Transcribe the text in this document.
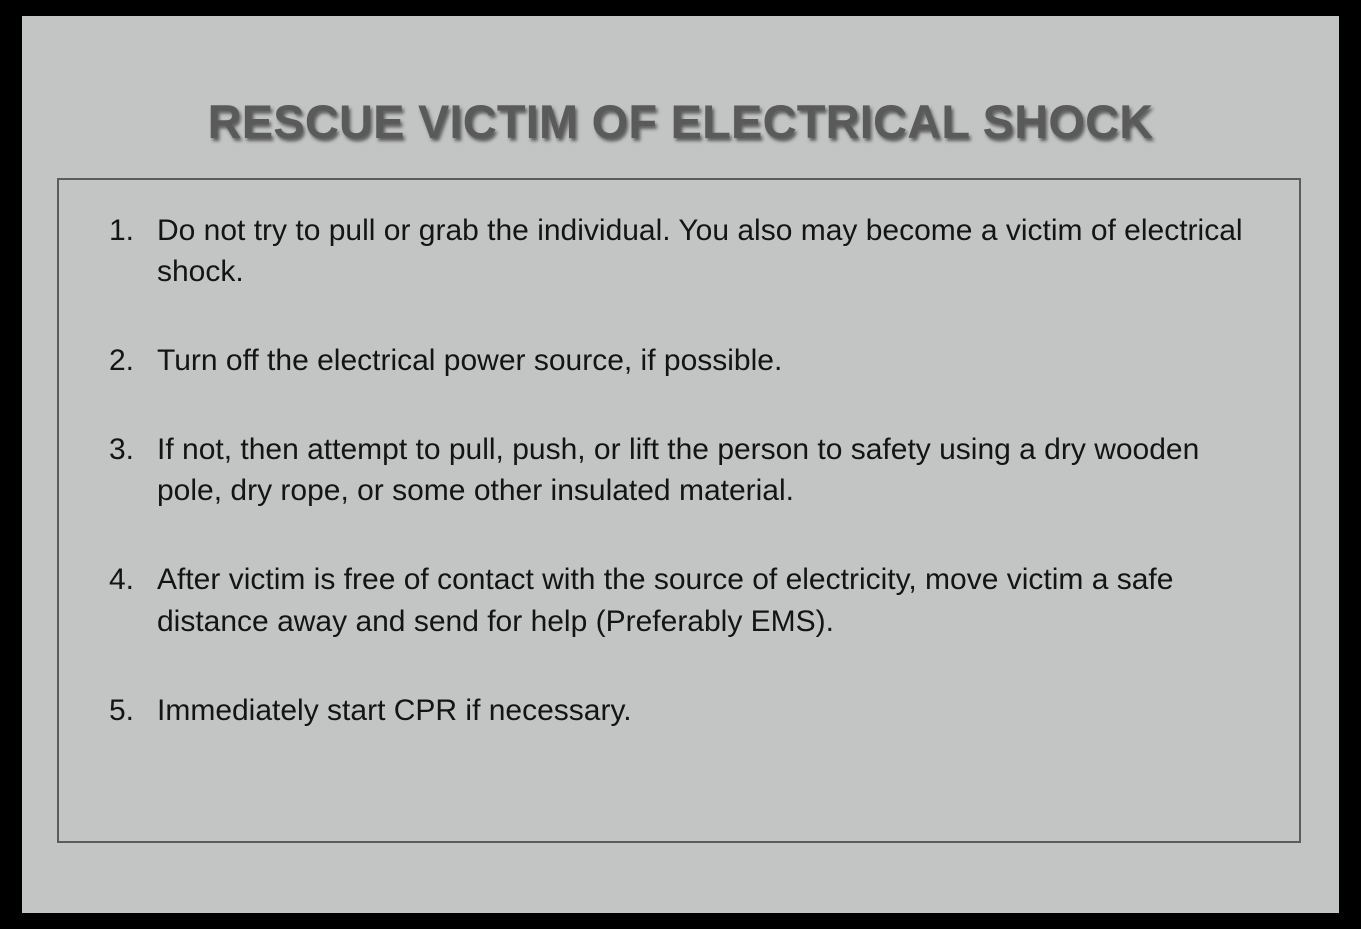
RESCUE VICTIM OF ELECTRICAL SHOCK
1. Do not try to pull or grab the individual. You also may become a victim of electrical shock.
2. Turn off the electrical power source, if possible.
3. If not, then attempt to pull, push, or lift the person to safety using a dry wooden pole, dry rope, or some other insulated material.
4. After victim is free of contact with the source of electricity, move victim a safe distance away and send for help (Preferably EMS).
5. Immediately start CPR if necessary.
